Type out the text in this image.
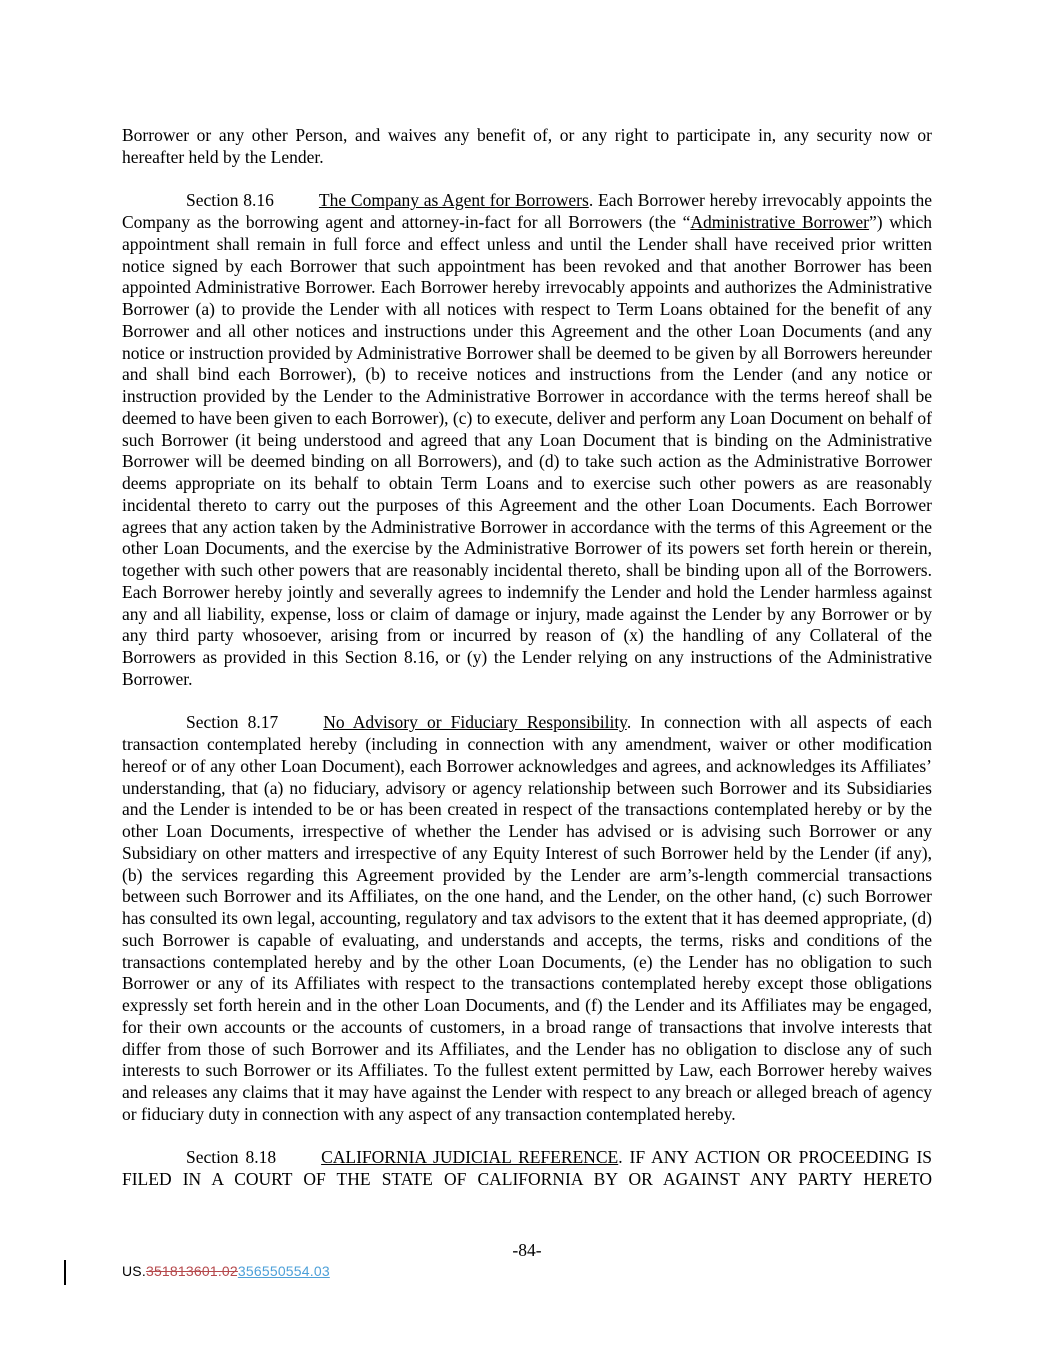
Borrower or any other Person, and waives any benefit of, or any right to participate in, any security now or hereafter held by the Lender.

Section 8.16	The Company as Agent for Borrowers. Each Borrower hereby irrevocably appoints the Company as the borrowing agent and attorney-in-fact for all Borrowers (the “Administrative Borrower”) which appointment shall remain in full force and effect unless and until the Lender shall have received prior written notice signed by each Borrower that such appointment has been revoked and that another Borrower has been appointed Administrative Borrower. Each Borrower hereby irrevocably appoints and authorizes the Administrative Borrower (a) to provide the Lender with all notices with respect to Term Loans obtained for the benefit of any Borrower and all other notices and instructions under this Agreement and the other Loan Documents (and any notice or instruction provided by Administrative Borrower shall be deemed to be given by all Borrowers hereunder and shall bind each Borrower), (b) to receive notices and instructions from the Lender (and any notice or instruction provided by the Lender to the Administrative Borrower in accordance with the terms hereof shall be deemed to have been given to each Borrower), (c) to execute, deliver and perform any Loan Document on behalf of such Borrower (it being understood and agreed that any Loan Document that is binding on the Administrative Borrower will be deemed binding on all Borrowers), and (d) to take such action as the Administrative Borrower deems appropriate on its behalf to obtain Term Loans and to exercise such other powers as are reasonably incidental thereto to carry out the purposes of this Agreement and the other Loan Documents. Each Borrower agrees that any action taken by the Administrative Borrower in accordance with the terms of this Agreement or the other Loan Documents, and the exercise by the Administrative Borrower of its powers set forth herein or therein, together with such other powers that are reasonably incidental thereto, shall be binding upon all of the Borrowers. Each Borrower hereby jointly and severally agrees to indemnify the Lender and hold the Lender harmless against any and all liability, expense, loss or claim of damage or injury, made against the Lender by any Borrower or by any third party whosoever, arising from or incurred by reason of (x) the handling of any Collateral of the Borrowers as provided in this Section 8.16, or (y) the Lender relying on any instructions of the Administrative Borrower.

Section 8.17	No Advisory or Fiduciary Responsibility. In connection with all aspects of each transaction contemplated hereby (including in connection with any amendment, waiver or other modification hereof or of any other Loan Document), each Borrower acknowledges and agrees, and acknowledges its Affiliates’ understanding, that (a) no fiduciary, advisory or agency relationship between such Borrower and its Subsidiaries and the Lender is intended to be or has been created in respect of the transactions contemplated hereby or by the other Loan Documents, irrespective of whether the Lender has advised or is advising such Borrower or any Subsidiary on other matters and irrespective of any Equity Interest of such Borrower held by the Lender (if any), (b) the services regarding this Agreement provided by the Lender are arm’s-length commercial transactions between such Borrower and its Affiliates, on the one hand, and the Lender, on the other hand, (c) such Borrower has consulted its own legal, accounting, regulatory and tax advisors to the extent that it has deemed appropriate, (d) such Borrower is capable of evaluating, and understands and accepts, the terms, risks and conditions of the transactions contemplated hereby and by the other Loan Documents, (e) the Lender has no obligation to such Borrower or any of its Affiliates with respect to the transactions contemplated hereby except those obligations expressly set forth herein and in the other Loan Documents, and (f) the Lender and its Affiliates may be engaged, for their own accounts or the accounts of customers, in a broad range of transactions that involve interests that differ from those of such Borrower and its Affiliates, and the Lender has no obligation to disclose any of such interests to such Borrower or its Affiliates. To the fullest extent permitted by Law, each Borrower hereby waives and releases any claims that it may have against the Lender with respect to any breach or alleged breach of agency or fiduciary duty in connection with any aspect of any transaction contemplated hereby.

Section 8.18	CALIFORNIA JUDICIAL REFERENCE. IF ANY ACTION OR PROCEEDING IS FILED IN A COURT OF THE STATE OF CALIFORNIA BY OR AGAINST ANY PARTY HERETO

-84-
US.351813601.02356550554.03
